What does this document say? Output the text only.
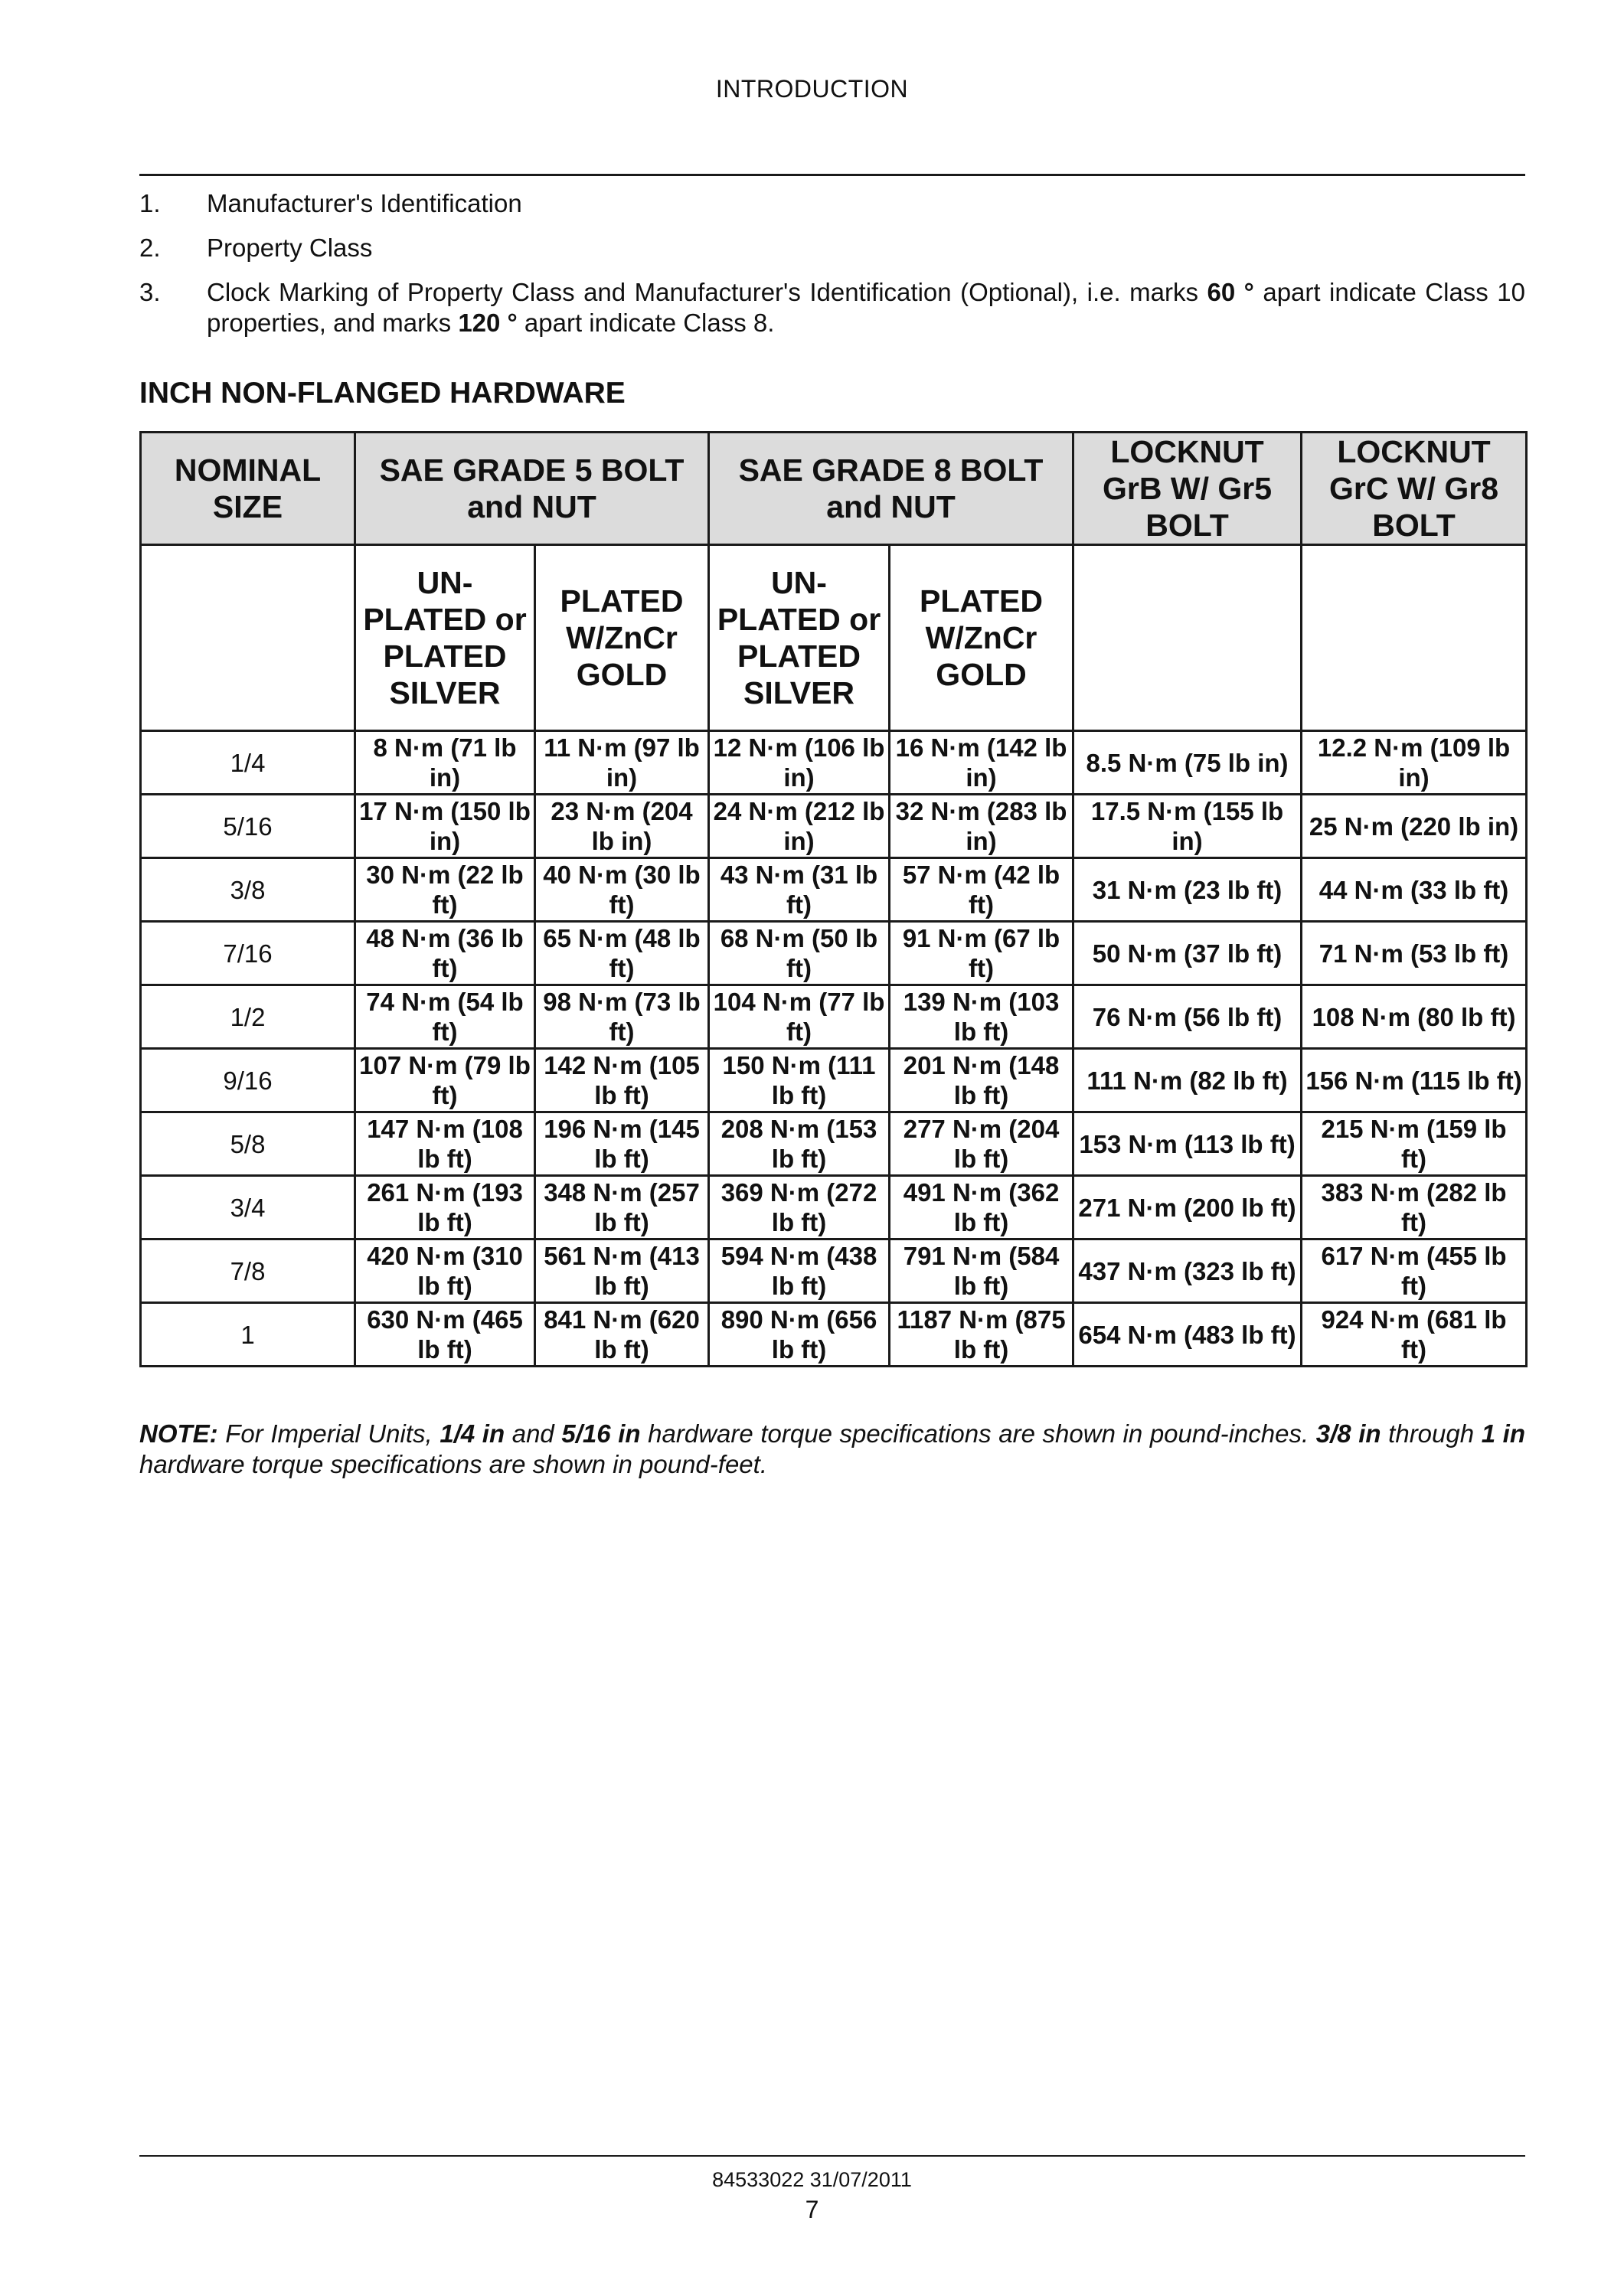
INTRODUCTION
1.	Manufacturer's Identification
2.	Property Class
3.	Clock Marking of Property Class and Manufacturer's Identification (Optional), i.e. marks 60 ° apart indicate Class 10 properties, and marks 120 ° apart indicate Class 8.
INCH NON-FLANGED HARDWARE
NOMINAL SIZE	SAE GRADE 5 BOLT and NUT		SAE GRADE 8 BOLT and NUT		LOCKNUT GrB W/ Gr5 BOLT	LOCKNUT GrC W/ Gr8 BOLT
	UN-PLATED or PLATED SILVER	PLATED W/ZnCr GOLD	UN-PLATED or PLATED SILVER	PLATED W/ZnCr GOLD		
1/4	8 N·m (71 lb in)	11 N·m (97 lb in)	12 N·m (106 lb in)	16 N·m (142 lb in)	8.5 N·m (75 lb in)	12.2 N·m (109 lb in)
5/16	17 N·m (150 lb in)	23 N·m (204 lb in)	24 N·m (212 lb in)	32 N·m (283 lb in)	17.5 N·m (155 lb in)	25 N·m (220 lb in)
3/8	30 N·m (22 lb ft)	40 N·m (30 lb ft)	43 N·m (31 lb ft)	57 N·m (42 lb ft)	31 N·m (23 lb ft)	44 N·m (33 lb ft)
7/16	48 N·m (36 lb ft)	65 N·m (48 lb ft)	68 N·m (50 lb ft)	91 N·m (67 lb ft)	50 N·m (37 lb ft)	71 N·m (53 lb ft)
1/2	74 N·m (54 lb ft)	98 N·m (73 lb ft)	104 N·m (77 lb ft)	139 N·m (103 lb ft)	76 N·m (56 lb ft)	108 N·m (80 lb ft)
9/16	107 N·m (79 lb ft)	142 N·m (105 lb ft)	150 N·m (111 lb ft)	201 N·m (148 lb ft)	111 N·m (82 lb ft)	156 N·m (115 lb ft)
5/8	147 N·m (108 lb ft)	196 N·m (145 lb ft)	208 N·m (153 lb ft)	277 N·m (204 lb ft)	153 N·m (113 lb ft)	215 N·m (159 lb ft)
3/4	261 N·m (193 lb ft)	348 N·m (257 lb ft)	369 N·m (272 lb ft)	491 N·m (362 lb ft)	271 N·m (200 lb ft)	383 N·m (282 lb ft)
7/8	420 N·m (310 lb ft)	561 N·m (413 lb ft)	594 N·m (438 lb ft)	791 N·m (584 lb ft)	437 N·m (323 lb ft)	617 N·m (455 lb ft)
1	630 N·m (465 lb ft)	841 N·m (620 lb ft)	890 N·m (656 lb ft)	1187 N·m (875 lb ft)	654 N·m (483 lb ft)	924 N·m (681 lb ft)
NOTE: For Imperial Units, 1/4 in and 5/16 in hardware torque specifications are shown in pound-inches. 3/8 in through 1 in hardware torque specifications are shown in pound-feet.
84533022 31/07/2011
7
